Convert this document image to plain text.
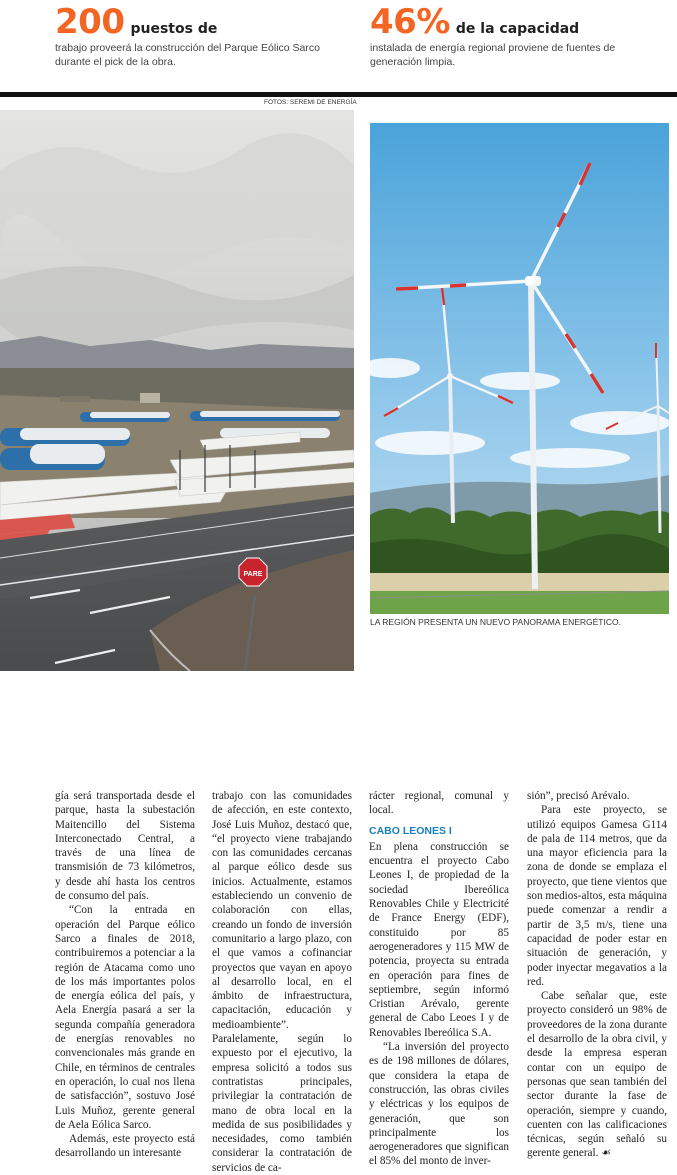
200 puestos de
trabajo proveerá la construcción del Parque Eólico Sarco durante el pick de la obra.
46% de la capacidad
instalada de energía regional proviene de fuentes de generación limpia.
FOTOS: SEREMI DE ENERGÍA
PARE
LA REGIÓN PRESENTA UN NUEVO PANORAMA ENERGÉTICO.

gía será transportada desde el parque, hasta la subestación Maitencillo del Sistema Interconectado Central, a través de una línea de transmisión de 73 kilómetros, y desde ahí hasta los centros de consumo del país.

“Con la entrada en operación del Parque eólico Sarco a finales de 2018, contribuiremos a potenciar a la región de Atacama como uno de los más importantes polos de energía eólica del país, y Aela Energía pasará a ser la segunda compañía generadora de energías renovables no convencionales más grande en Chile, en términos de centrales en operación, lo cual nos llena de satisfacción”, sostuvo José Luis Muñoz, gerente general de Aela Eólica Sarco.

Además, este proyecto está desarrollando un interesante

trabajo con las comunidades de afección, en este contexto, José Luis Muñoz, destacó que, “el proyecto viene trabajando con las comunidades cercanas al parque eólico desde sus inicios. Actualmente, estamos estableciendo un convenio de colaboración con ellas, creando un fondo de inversión comunitario a largo plazo, con el que vamos a cofinanciar proyectos que vayan en apoyo al desarrollo local, en el ámbito de infraestructura, capacitación, educación y medioambiente”. Paralelamente, según lo expuesto por el ejecutivo, la empresa solicitó a todos sus contratistas principales, privilegiar la contratación de mano de obra local en la medida de sus posibilidades y necesidades, como también considerar la contratación de servicios de ca-

rácter regional, comunal y local.

CABO LEONES I

En plena construcción se encuentra el proyecto Cabo Leones I, de propiedad de la sociedad Ibereólica Renovables Chile y Electricité de France Energy (EDF), constituido por 85 aerogeneradores y 115 MW de potencia, proyecta su entrada en operación para fines de septiembre, según informó Cristian Arévalo, gerente general de Cabo Leoes I y de Renovables Ibereólica S.A.

“La inversión del proyecto es de 198 millones de dólares, que considera la etapa de construcción, las obras civiles y eléctricas y los equipos de generación, que son principalmente los aerogeneradores que significan el 85% del monto de inver-

sión”, precisó Arévalo.

Para este proyecto, se utilizó equipos Gamesa G114 de pala de 114 metros, que da una mayor eficiencia para la zona de donde se emplaza el proyecto, que tiene vientos que son medios-altos, esta máquina puede comenzar a rendir a partir de 3,5 m/s, tiene una capacidad de poder estar en situación de generación, y poder inyectar megavatios a la red.

Cabe señalar que, este proyecto consideró un 98% de proveedores de la zona durante el desarrollo de la obra civil, y desde la empresa esperan contar con un equipo de personas que sean también del sector durante la fase de operación, siempre y cuando, cuenten con las calificaciones técnicas, según señaló su gerente general. ☙
